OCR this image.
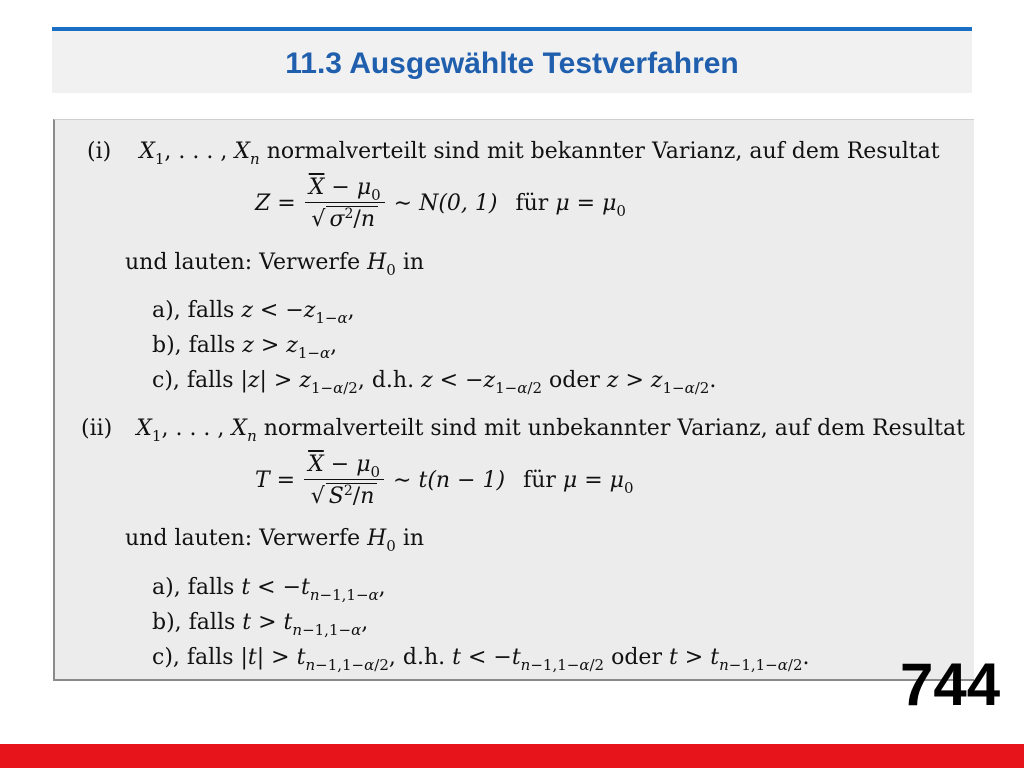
11.3 Ausgewählte Testverfahren
(i) $X_1$, . . . , $X_n$ normalverteilt sind mit bekannter Varianz, auf dem Resultat
$Z = \frac{\overline{X} - \mu_0}{√ \sigma^2/n}$ ∼ N(0, 1) für $\mu = \mu_0$
und lauten: Verwerfe $H_0$ in
a), falls $z < -z_{1-\alpha}$,
b), falls $z > z_{1-\alpha}$,
c), falls $|z| > z_{1-\alpha/2}$, d.h. $z < -z_{1-\alpha/2}$ oder $z > z_{1-\alpha/2}$.
(ii) $X_1$, . . . , $X_n$ normalverteilt sind mit unbekannter Varianz, auf dem Resultat
$T = \frac{\overline{X} - \mu_0}{√ S^2/n}$ ∼ t(n − 1) für $\mu = \mu_0$
und lauten: Verwerfe $H_0$ in
a), falls $t < -t_{n-1,1-\alpha}$,
b), falls $t > t_{n-1,1-\alpha}$,
c), falls $|t| > t_{n-1,1-\alpha/2}$, d.h. $t < -t_{n-1,1-\alpha/2}$ oder $t > t_{n-1,1-\alpha/2}$. 744
